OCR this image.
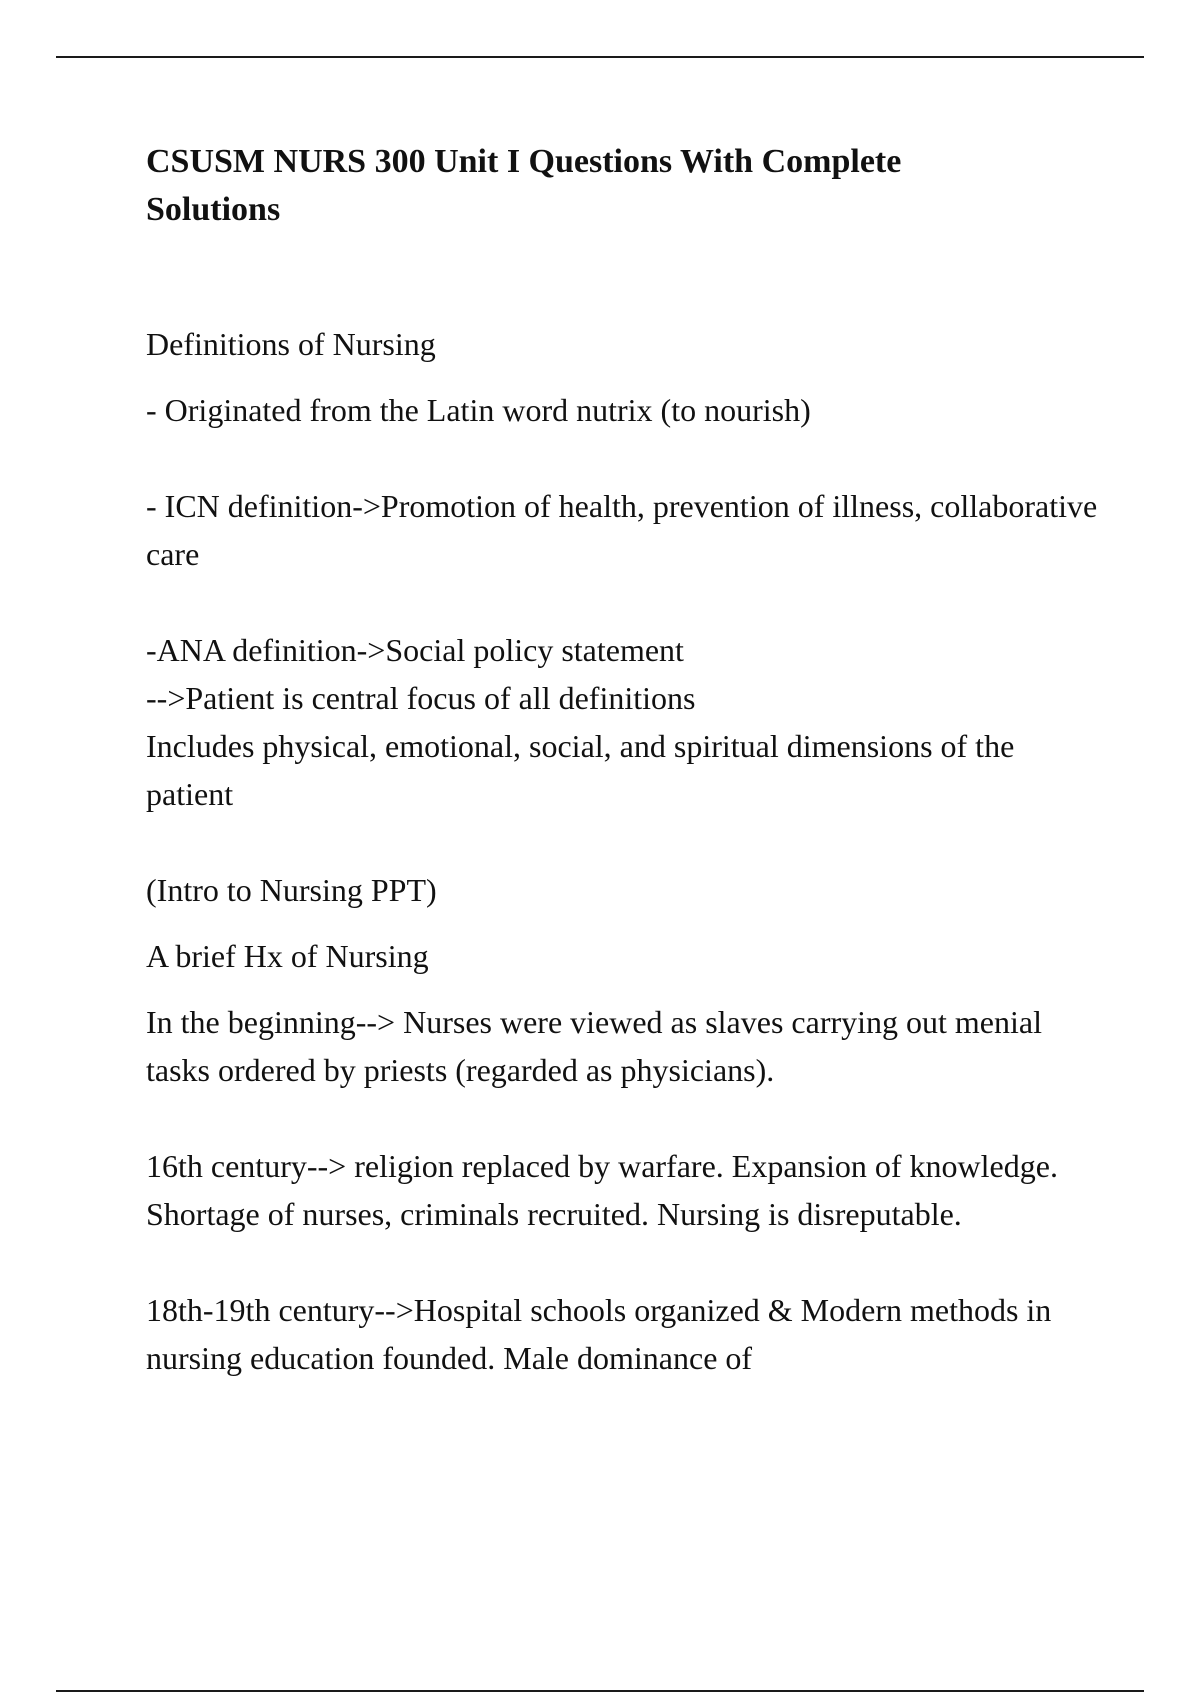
CSUSM NURS 300 Unit I Questions With Complete Solutions

Definitions of Nursing

- Originated from the Latin word nutrix (to nourish)

- ICN definition->Promotion of health, prevention of illness, collaborative care

-ANA definition->Social policy statement

-->Patient is central focus of all definitions

Includes physical, emotional, social, and spiritual dimensions of the patient

(Intro to Nursing PPT)

A brief Hx of Nursing

In the beginning--> Nurses were viewed as slaves carrying out menial tasks ordered by priests (regarded as physicians).

16th century--> religion replaced by warfare. Expansion of knowledge. Shortage of nurses, criminals recruited. Nursing is disreputable.

18th-19th century-->Hospital schools organized & Modern methods in nursing education founded. Male dominance of
